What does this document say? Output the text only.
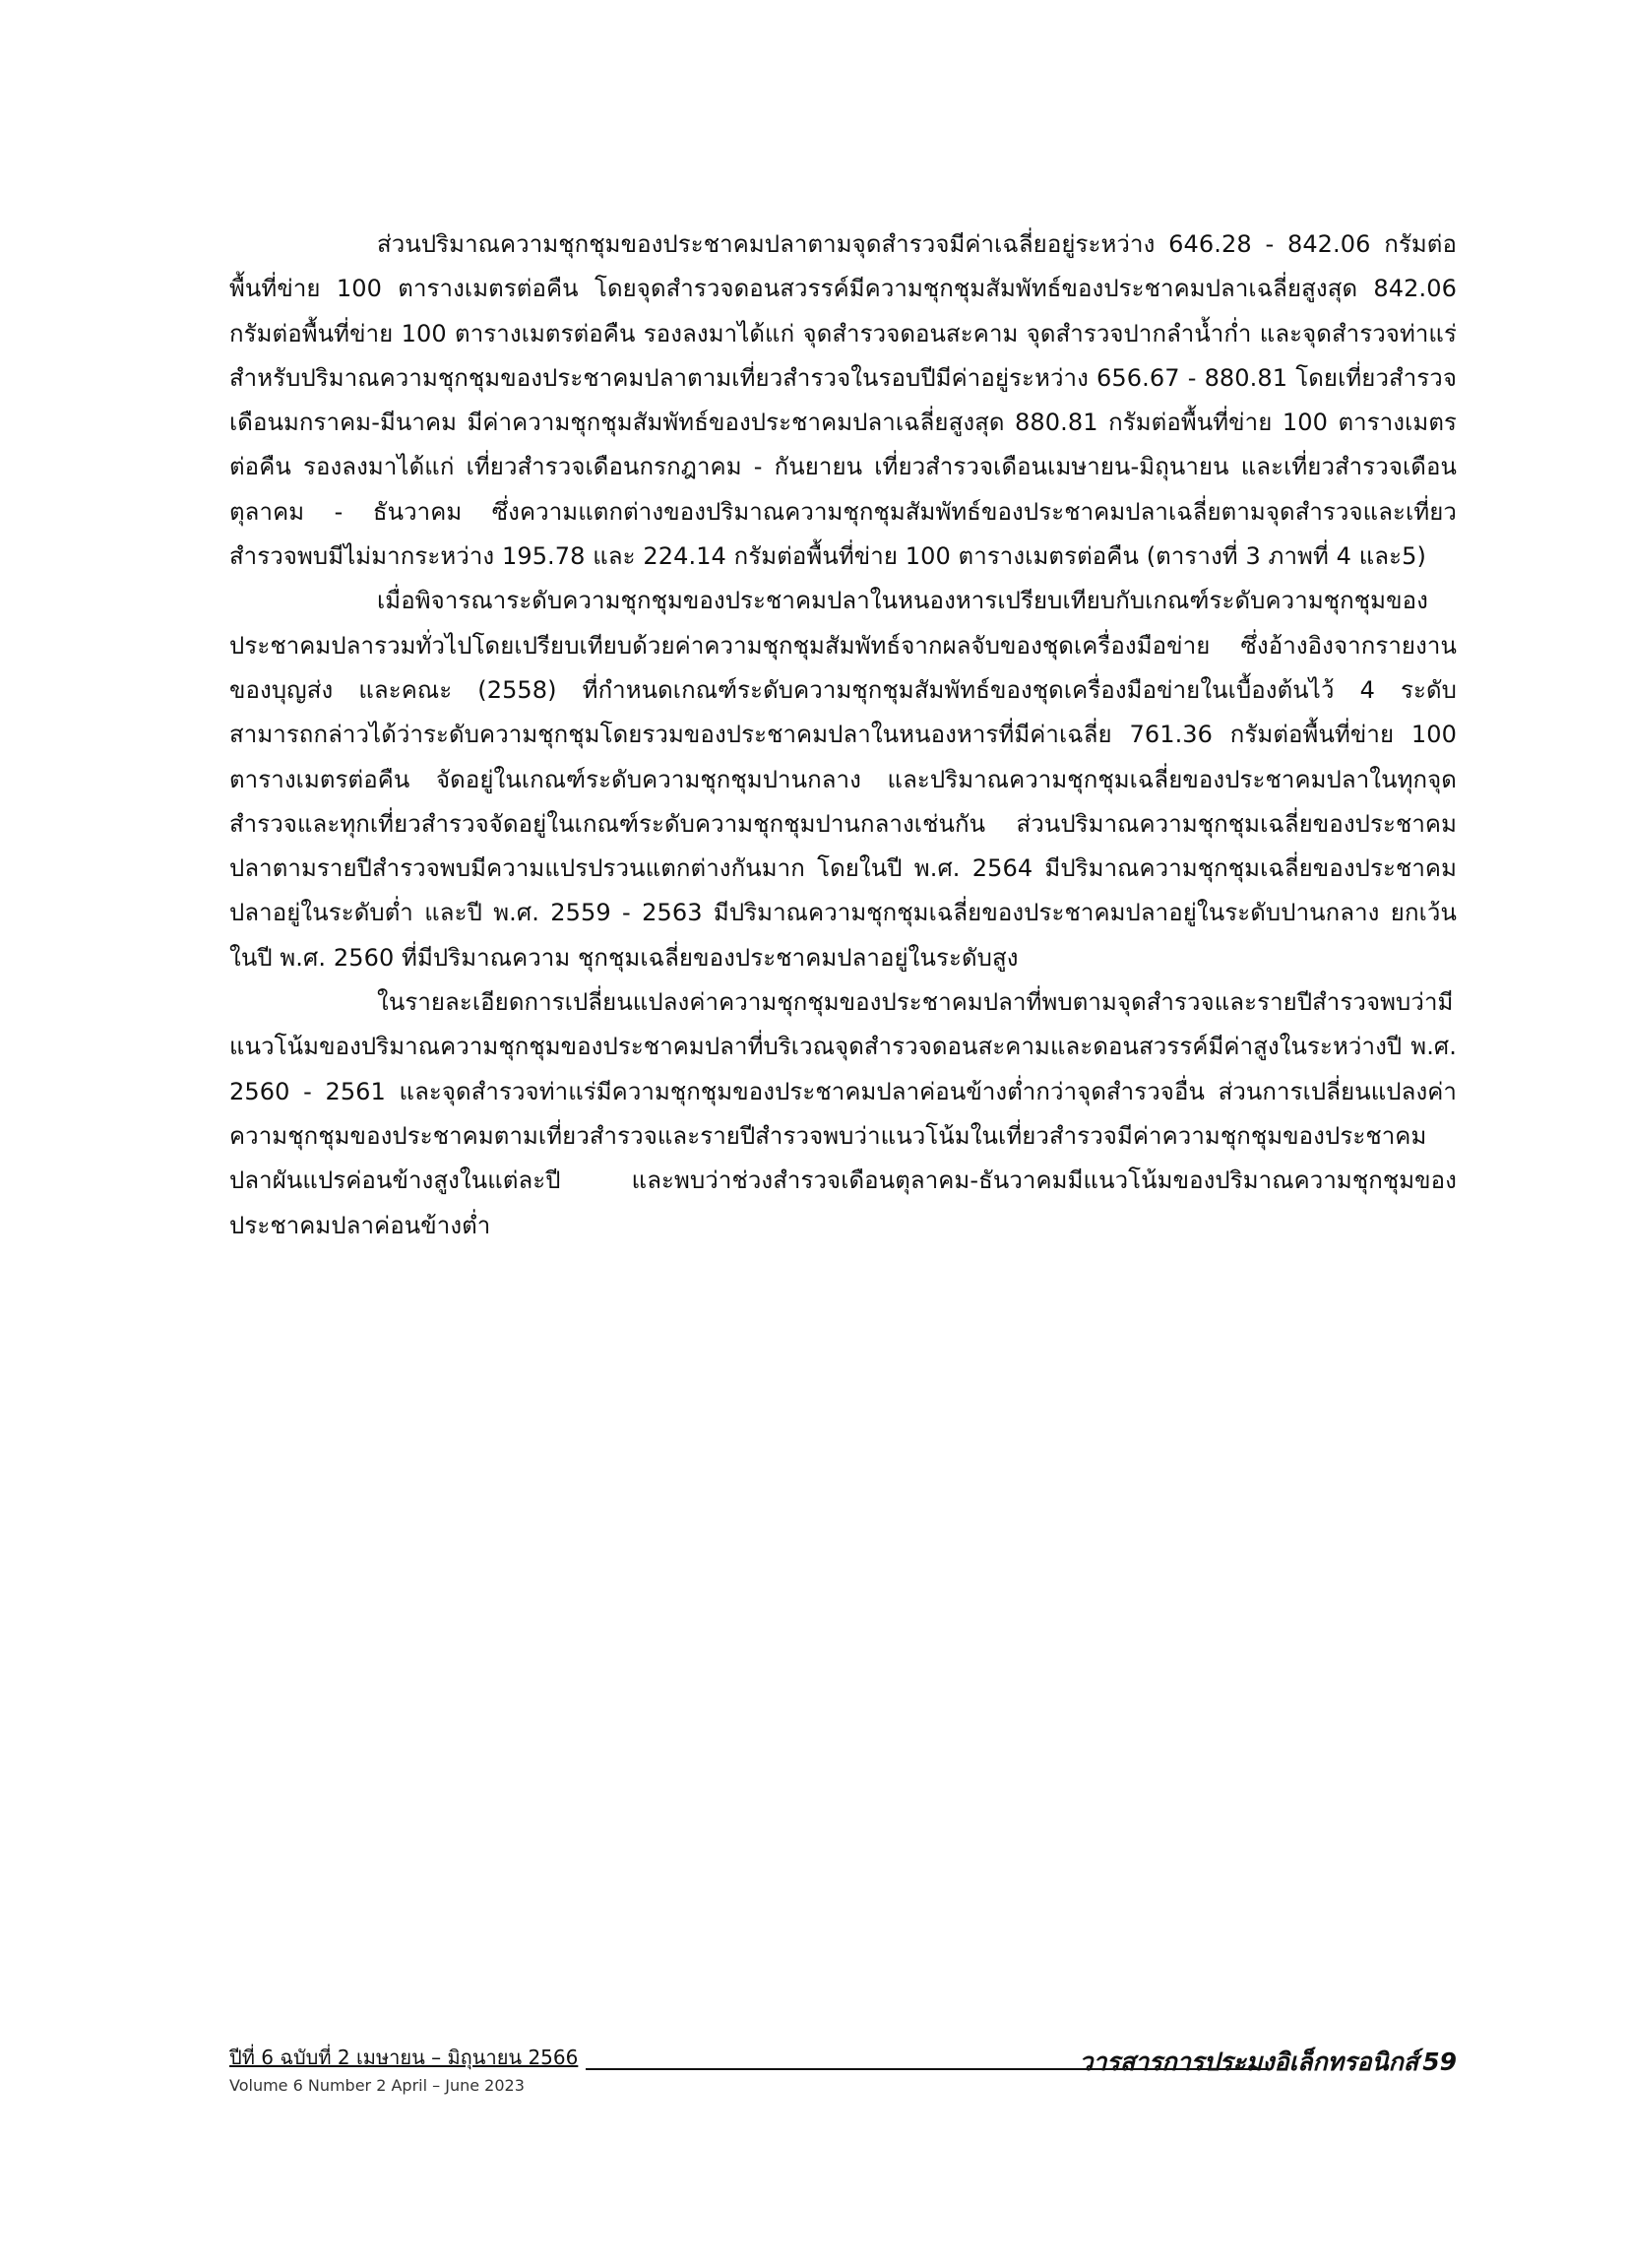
ส่วนปริมาณความชุกชุมของประชาคมปลาตามจุดสำรวจมีค่าเฉลี่ยอยู่ระหว่าง 646.28 - 842.06 กรัมต่อพื้นที่ข่าย 100 ตารางเมตรต่อคืน โดยจุดสำรวจดอนสวรรค์มีความชุกชุมสัมพัทธ์ของประชาคมปลาเฉลี่ยสูงสุด 842.06 กรัมต่อพื้นที่ข่าย 100 ตารางเมตรต่อคืน รองลงมาได้แก่ จุดสำรวจดอนสะคาม จุดสำรวจปากลำน้ำก่ำ และจุดสำรวจท่าแร่ สำหรับปริมาณความชุกชุมของประชาคมปลาตามเที่ยวสำรวจในรอบปีมีค่าอยู่ระหว่าง 656.67 - 880.81 โดยเที่ยวสำรวจเดือนมกราคม-มีนาคม มีค่าความชุกชุมสัมพัทธ์ของประชาคมปลาเฉลี่ยสูงสุด 880.81 กรัมต่อพื้นที่ข่าย 100 ตารางเมตรต่อคืน รองลงมาได้แก่ เที่ยวสำรวจเดือนกรกฎาคม - กันยายน เที่ยวสำรวจเดือนเมษายน-มิถุนายน และเที่ยวสำรวจเดือนตุลาคม - ธันวาคม ซึ่งความแตกต่างของปริมาณความชุกชุมสัมพัทธ์ของประชาคมปลาเฉลี่ยตามจุดสำรวจและเที่ยวสำรวจพบมีไม่มากระหว่าง 195.78 และ 224.14 กรัมต่อพื้นที่ข่าย 100 ตารางเมตรต่อคืน (ตารางที่ 3 ภาพที่ 4 และ5)

เมื่อพิจารณาระดับความชุกชุมของประชาคมปลาในหนองหารเปรียบเทียบกับเกณฑ์ระดับความชุกชุมของประชาคมปลารวมทั่วไปโดยเปรียบเทียบด้วยค่าความชุกชุมสัมพัทธ์จากผลจับของชุดเครื่องมือข่าย ซึ่งอ้างอิงจากรายงานของบุญส่ง และคณะ (2558) ที่กำหนดเกณฑ์ระดับความชุกชุมสัมพัทธ์ของชุดเครื่องมือข่ายในเบื้องต้นไว้ 4 ระดับ สามารถกล่าวได้ว่าระดับความชุกชุมโดยรวมของประชาคมปลาในหนองหารที่มีค่าเฉลี่ย 761.36 กรัมต่อพื้นที่ข่าย 100 ตารางเมตรต่อคืน จัดอยู่ในเกณฑ์ระดับความชุกชุมปานกลาง และปริมาณความชุกชุมเฉลี่ยของประชาคมปลาในทุกจุดสำรวจและทุกเที่ยวสำรวจจัดอยู่ในเกณฑ์ระดับความชุกชุมปานกลางเช่นกัน ส่วนปริมาณความชุกชุมเฉลี่ยของประชาคมปลาตามรายปีสำรวจพบมีความแปรปรวนแตกต่างกันมาก โดยในปี พ.ศ. 2564 มีปริมาณความชุกชุมเฉลี่ยของประชาคมปลาอยู่ในระดับต่ำ และปี พ.ศ. 2559 - 2563 มีปริมาณความชุกชุมเฉลี่ยของประชาคมปลาอยู่ในระดับปานกลาง ยกเว้นในปี พ.ศ. 2560 ที่มีปริมาณความ ชุกชุมเฉลี่ยของประชาคมปลาอยู่ในระดับสูง

ในรายละเอียดการเปลี่ยนแปลงค่าความชุกชุมของประชาคมปลาที่พบตามจุดสำรวจและรายปีสำรวจพบว่ามีแนวโน้มของปริมาณความชุกชุมของประชาคมปลาที่บริเวณจุดสำรวจดอนสะคามและดอนสวรรค์มีค่าสูงในระหว่างปี พ.ศ. 2560 - 2561 และจุดสำรวจท่าแร่มีความชุกชุมของประชาคมปลาค่อนข้างต่ำกว่าจุดสำรวจอื่น ส่วนการเปลี่ยนแปลงค่าความชุกชุมของประชาคมตามเที่ยวสำรวจและรายปีสำรวจพบว่าแนวโน้มในเที่ยวสำรวจมีค่าความชุกชุมของประชาคมปลาผันแปรค่อนข้างสูงในแต่ละปี และพบว่าช่วงสำรวจเดือนตุลาคม-ธันวาคมมีแนวโน้มของปริมาณความชุกชุมของประชาคมปลาค่อนข้างต่ำ

ปีที่ 6 ฉบับที่ 2 เมษายน – มิถุนายน 2566
Volume 6 Number 2 April – June 2023
วารสารการประมงอิเล็กทรอนิกส์ 59
